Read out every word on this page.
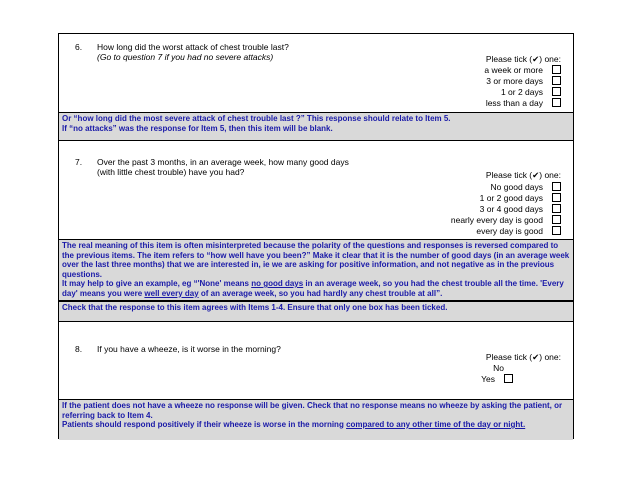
6. How long did the worst attack of chest trouble last?
(Go to question 7 if you had no severe attacks)	Please tick (✔) one:
a week or more
3 or more days
1 or 2 days
less than a day
Or “how long did the most severe attack of chest trouble last ?” This response should relate to Item 5.
If “no attacks” was the response for Item 5, then this item will be blank.
7. Over the past 3 months, in an average week, how many good days
(with little chest trouble) have you had?	Please tick (✔) one:
No good days
1 or 2 good days
3 or 4 good days
nearly every day is good
every day is good
The real meaning of this item is often misinterpreted because the polarity of the questions and responses is reversed compared to the previous items. The item refers to “how well have you been?” Make it clear that it is the number of good days (in an average week over the last three months) that we are interested in, ie we are asking for positive information, and not negative as in the previous questions.
It may help to give an example, eg “'None' means no good days in an average week, so you had the chest trouble all the time. 'Every day' means you were well every day of an average week, so you had hardly any chest trouble at all”.
Check that the response to this item agrees with Items 1-4. Ensure that only one box has been ticked.
8. If you have a wheeze, is it worse in the morning?
Please tick (✔) one:
No
Yes
If the patient does not have a wheeze no response will be given. Check that no response means no wheeze by asking the patient, or referring back to Item 4.
Patients should respond positively if their wheeze is worse in the morning compared to any other time of the day or night.
